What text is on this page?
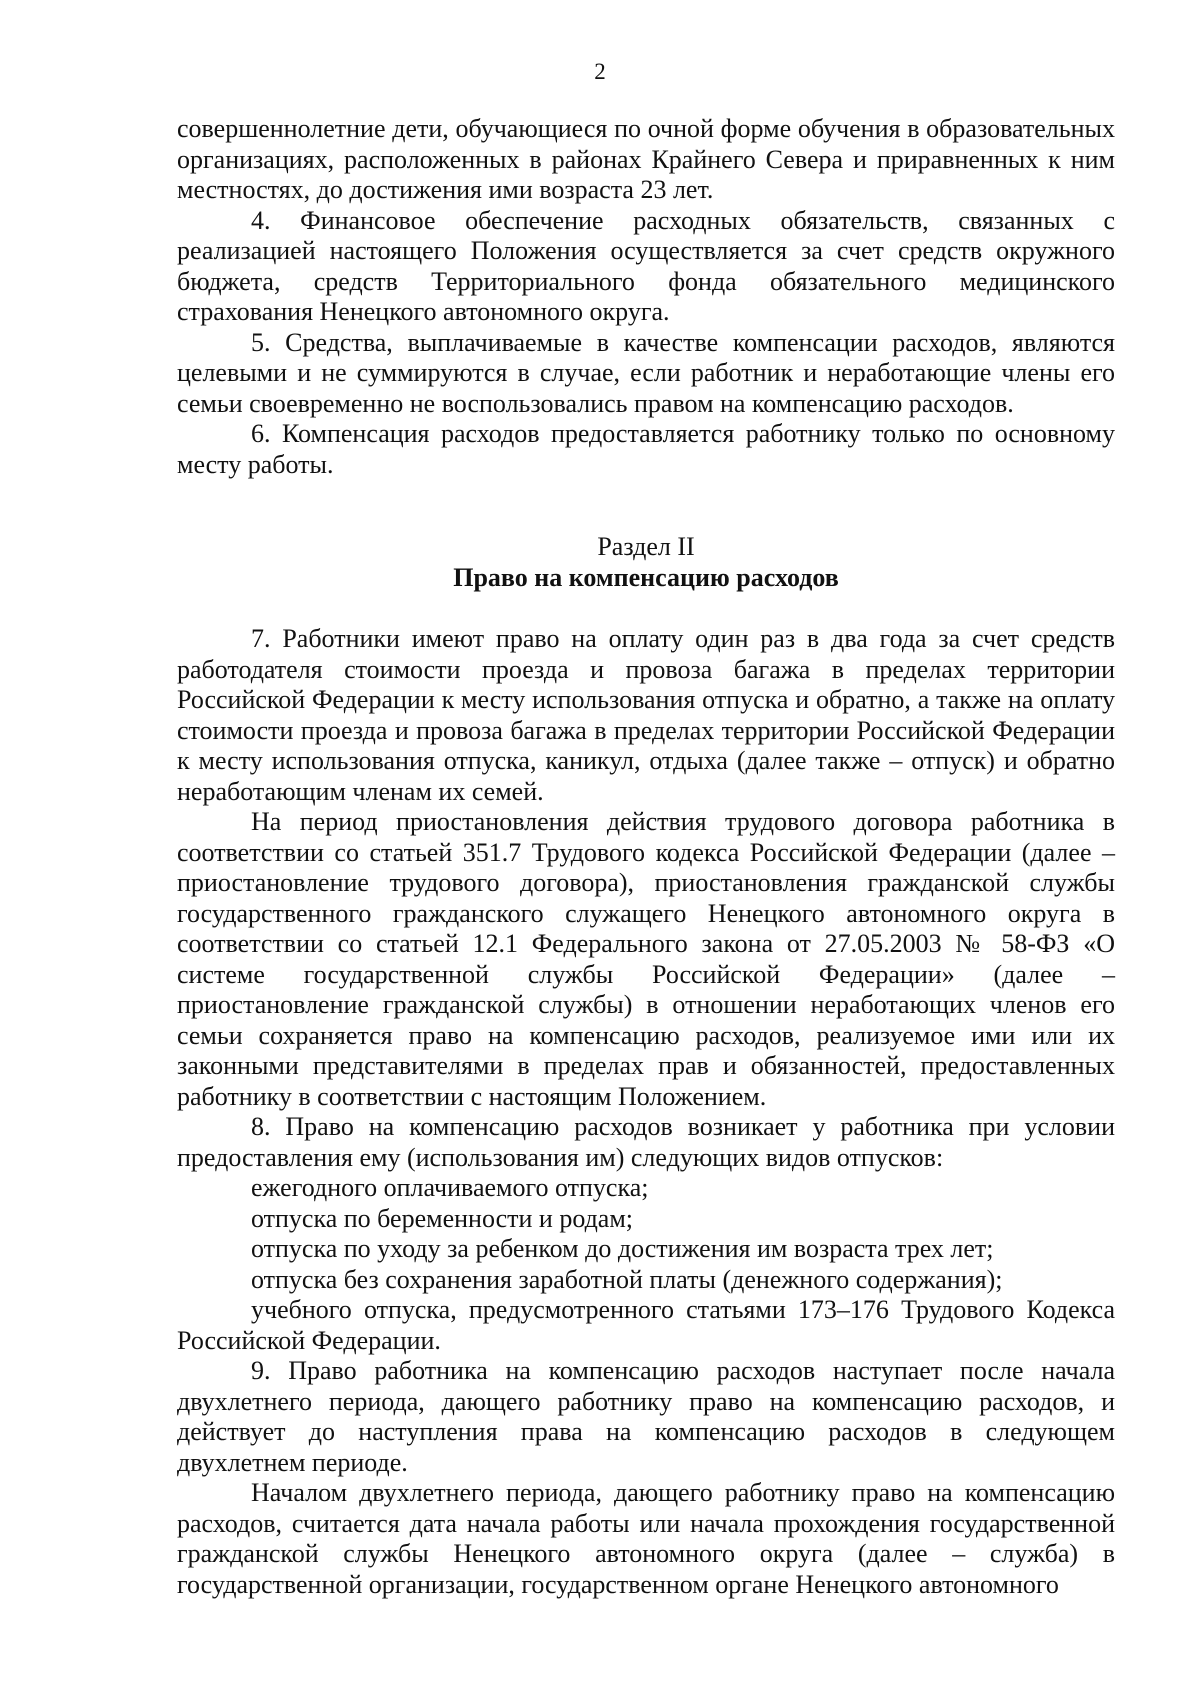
2

совершеннолетние дети, обучающиеся по очной форме обучения в образовательных организациях, расположенных в районах Крайнего Севера и приравненных к ним местностях, до достижения ими возраста 23 лет.

4. Финансовое обеспечение расходных обязательств, связанных с реализацией настоящего Положения осуществляется за счет средств окружного бюджета, средств Территориального фонда обязательного медицинского страхования Ненецкого автономного округа.

5. Средства, выплачиваемые в качестве компенсации расходов, являются целевыми и не суммируются в случае, если работник и неработающие члены его семьи своевременно не воспользовались правом на компенсацию расходов.

6. Компенсация расходов предоставляется работнику только по основному месту работы.

Раздел II

Право на компенсацию расходов

7. Работники имеют право на оплату один раз в два года за счет средств работодателя стоимости проезда и провоза багажа в пределах территории Российской Федерации к месту использования отпуска и обратно, а также на оплату стоимости проезда и провоза багажа в пределах территории Российской Федерации к месту использования отпуска, каникул, отдыха (далее также – отпуск) и обратно неработающим членам их семей.

На период приостановления действия трудового договора работника в соответствии со статьей 351.7 Трудового кодекса Российской Федерации (далее – приостановление трудового договора), приостановления гражданской службы государственного гражданского служащего Ненецкого автономного округа в соответствии со статьей 12.1 Федерального закона от 27.05.2003 № 58-ФЗ «О системе государственной службы Российской Федерации» (далее – приостановление гражданской службы) в отношении неработающих членов его семьи сохраняется право на компенсацию расходов, реализуемое ими или их законными представителями в пределах прав и обязанностей, предоставленных работнику в соответствии с настоящим Положением.

8. Право на компенсацию расходов возникает у работника при условии предоставления ему (использования им) следующих видов отпусков:

ежегодного оплачиваемого отпуска;

отпуска по беременности и родам;

отпуска по уходу за ребенком до достижения им возраста трех лет;

отпуска без сохранения заработной платы (денежного содержания);

учебного отпуска, предусмотренного статьями 173–176 Трудового Кодекса Российской Федерации.

9. Право работника на компенсацию расходов наступает после начала двухлетнего периода, дающего работнику право на компенсацию расходов, и действует до наступления права на компенсацию расходов в следующем двухлетнем периоде.

Началом двухлетнего периода, дающего работнику право на компенсацию расходов, считается дата начала работы или начала прохождения государственной гражданской службы Ненецкого автономного округа (далее – служба) в государственной организации, государственном органе Ненецкого автономного
